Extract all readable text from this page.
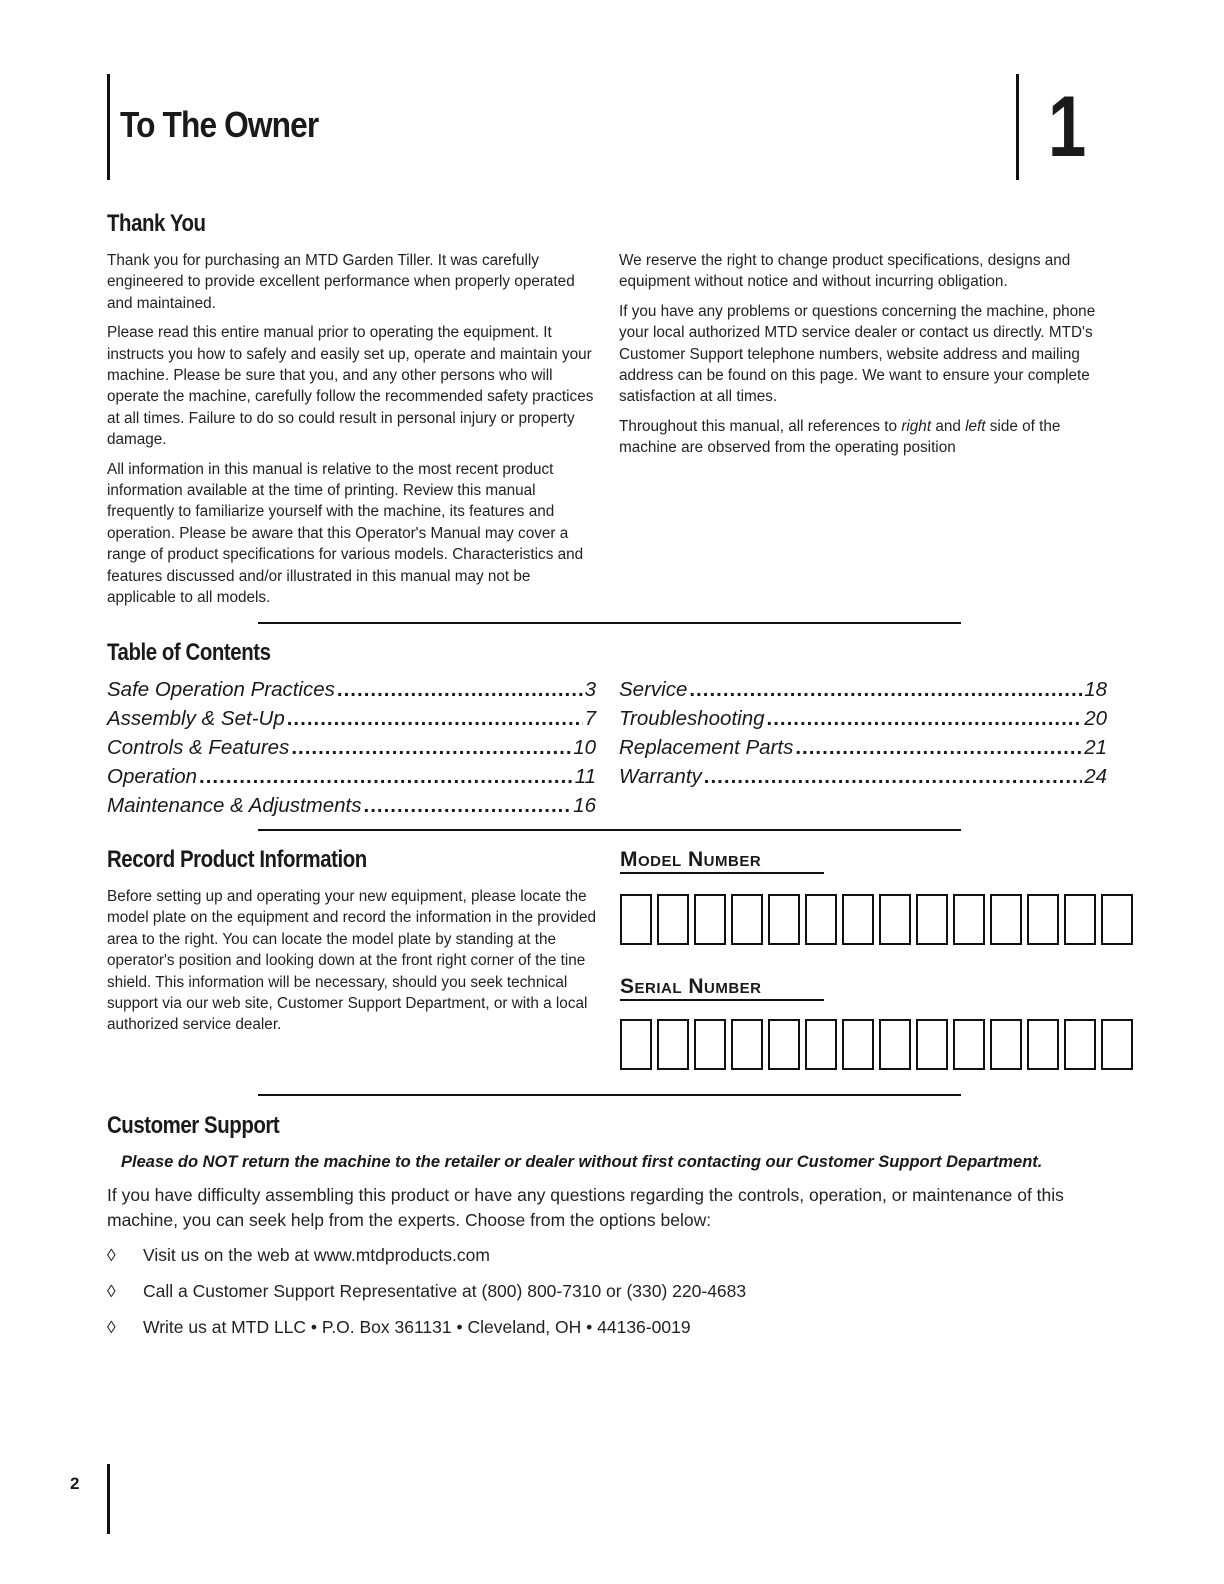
To The Owner	1
Thank You

Thank you for purchasing an MTD Garden Tiller. It was carefully engineered to provide excellent performance when properly operated and maintained.

Please read this entire manual prior to operating the equipment. It instructs you how to safely and easily set up, operate and maintain your machine. Please be sure that you, and any other persons who will operate the machine, carefully follow the recommended safety practices at all times. Failure to do so could result in personal injury or property damage.

All information in this manual is relative to the most recent product information available at the time of printing. Review this manual frequently to familiarize yourself with the machine, its features and operation. Please be aware that this Operator's Manual may cover a range of product specifications for various models. Characteristics and features discussed and/or illustrated in this manual may not be applicable to all models.

We reserve the right to change product specifications, designs and equipment without notice and without incurring obligation.

If you have any problems or questions concerning the machine, phone your local authorized MTD service dealer or contact us directly. MTD's Customer Support telephone numbers, website address and mailing address can be found on this page. We want to ensure your complete satisfaction at all times.

Throughout this manual, all references to right and left side of the machine are observed from the operating position

Table of Contents
Safe Operation Practices .....	3
Assembly & Set-Up .....	7
Controls & Features .....	10
Operation .....	11
Maintenance & Adjustments .....	16
Service .....	18
Troubleshooting .....	20
Replacement Parts .....	21
Warranty .....	24
Record Product Information

Before setting up and operating your new equipment, please locate the model plate on the equipment and record the information in the provided area to the right. You can locate the model plate by standing at the operator's position and looking down at the front right corner of the tine shield. This information will be necessary, should you seek technical support via our web site, Customer Support Department, or with a local authorized service dealer.

Model Number
Serial Number
Customer Support
Please do NOT return the machine to the retailer or dealer without first contacting our Customer Support Department.
If you have difficulty assembling this product or have any questions regarding the controls, operation, or maintenance of this machine, you can seek help from the experts. Choose from the options below:
◊	Visit us on the web at www.mtdproducts.com
◊	Call a Customer Support Representative at (800) 800-7310 or (330) 220-4683
◊	Write us at MTD LLC • P.O. Box 361131 • Cleveland, OH • 44136-0019
2
